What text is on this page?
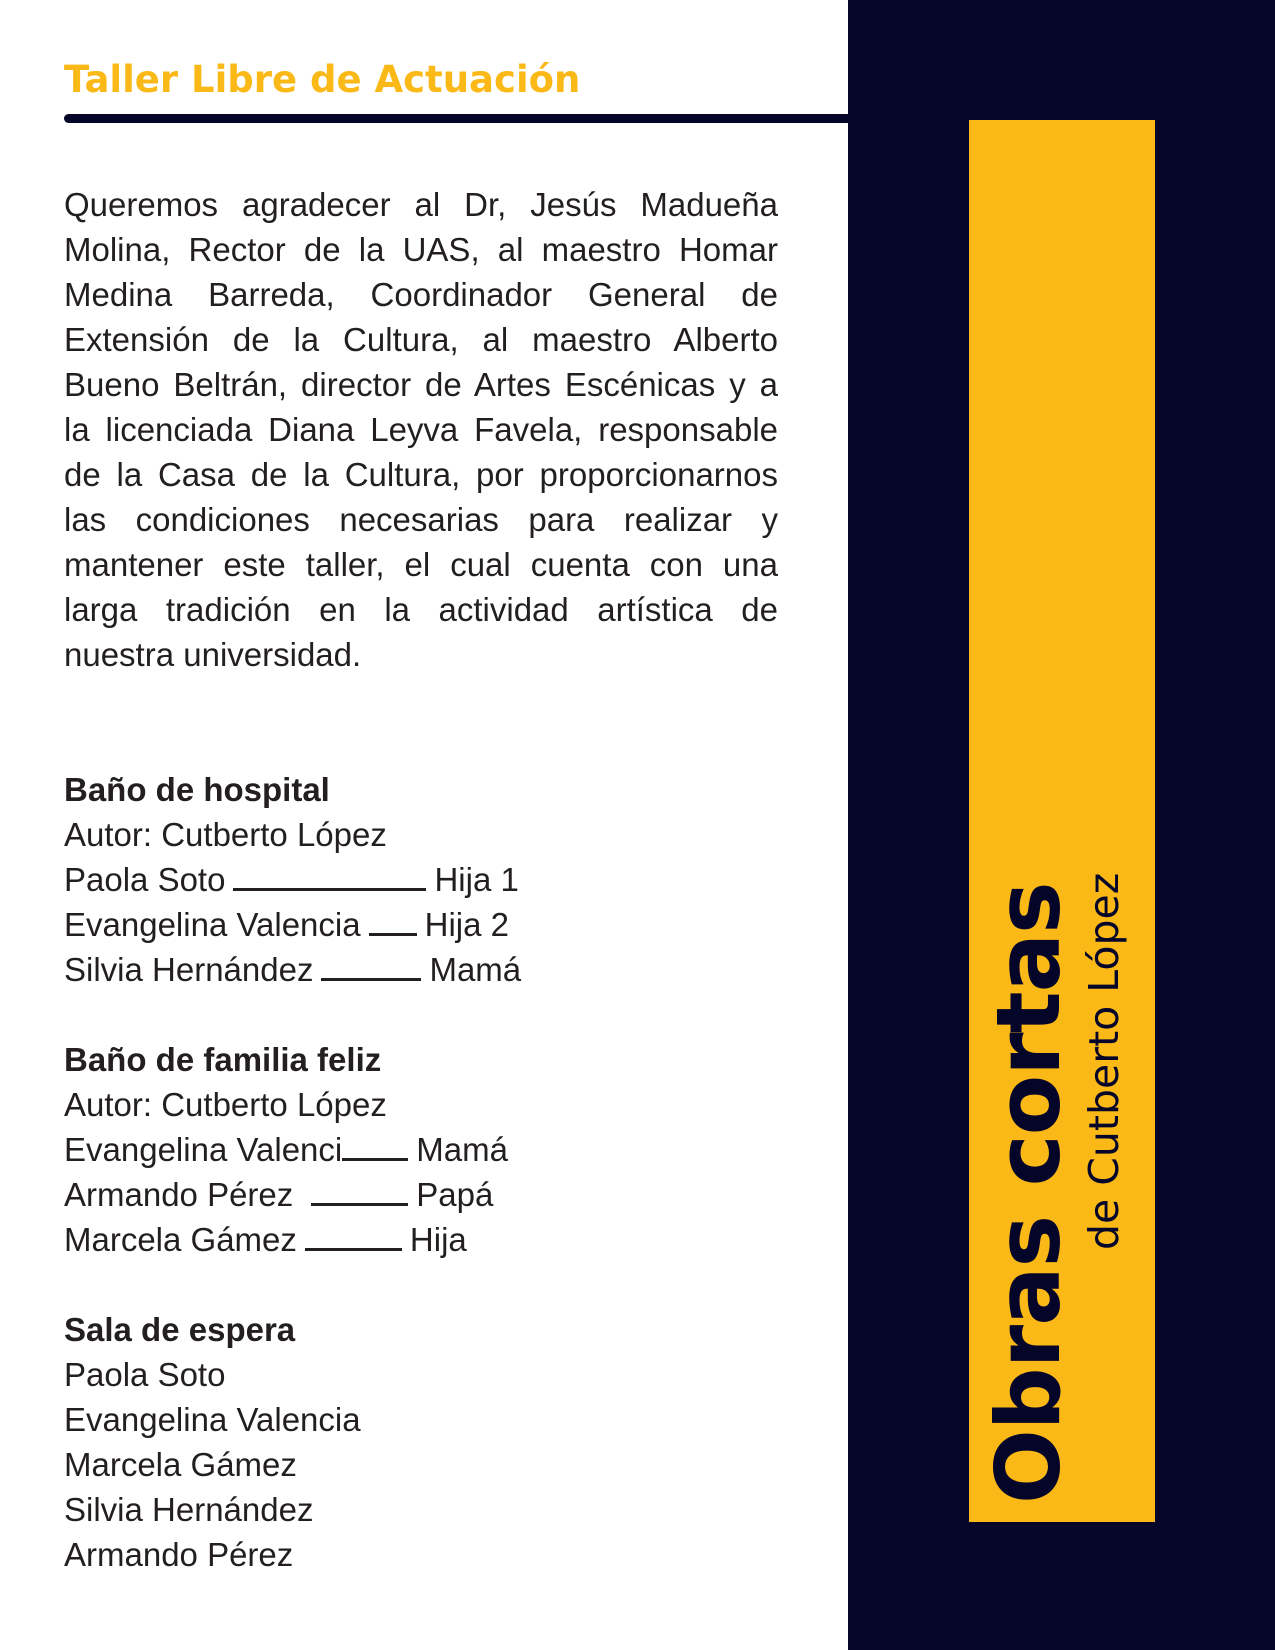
Taller Libre de Actuación

Queremos agradecer al Dr, Jesús Madueña Molina, Rector de la UAS, al maestro Homar Medina Barreda, Coordinador General de Extensión de la Cultura, al maestro Alberto Bueno Beltrán, director de Artes Escénicas y a la licenciada Diana Leyva Favela, responsable de la Casa de la Cultura, por proporcionarnos las condiciones necesarias para realizar y mantener este taller, el cual cuenta con una larga tradición en la actividad artística de nuestra universidad.

Baño de hospital
Autor: Cutberto López
Paola Soto	Hija 1
Evangelina Valencia Hija 2
Silvia Hernández	Mamá
Baño de familia feliz
Autor: Cutberto López
Evangelina Valenci Mamá
Armando Pérez	Papá
Marcela Gámez	Hija
Sala de espera
Paola Soto
Evangelina Valencia
Marcela Gámez
Silvia Hernández
Armando Pérez
Obras cortas de Cutberto López
